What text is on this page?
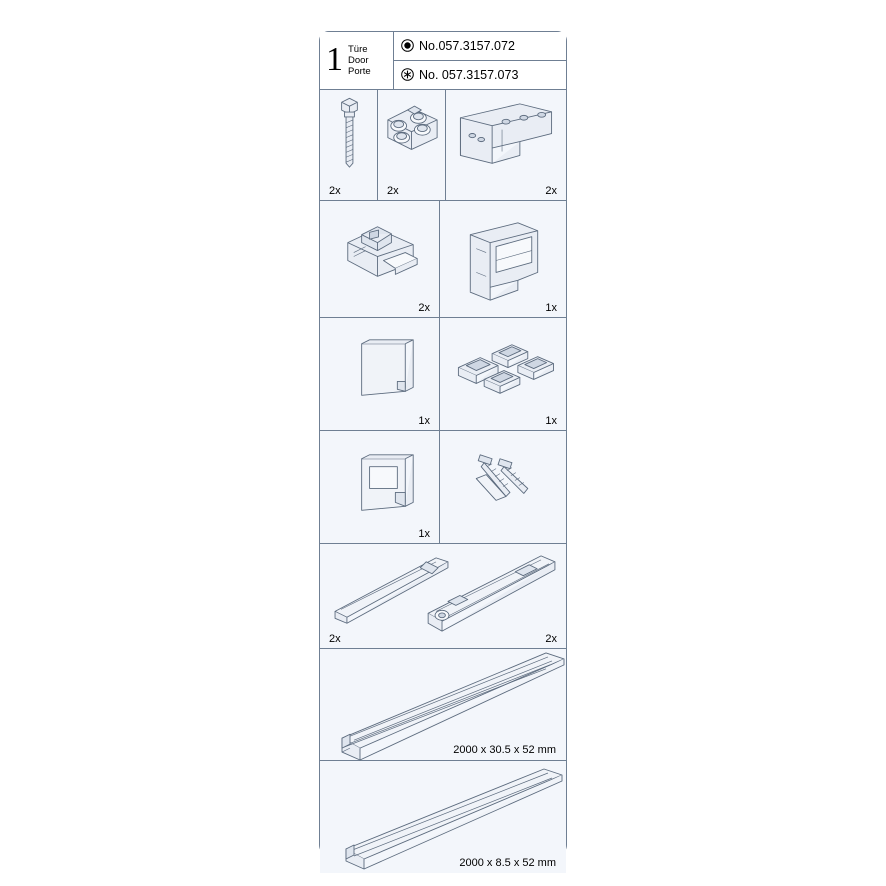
1 Türe
Door
Porte
No.057.3157.072
No. 057.3157.073
2x	2x	2x
2x	1x
1x	1x
1x
2x	2x
2000 x 30.5 x 52 mm
2000 x 8.5 x 52 mm
